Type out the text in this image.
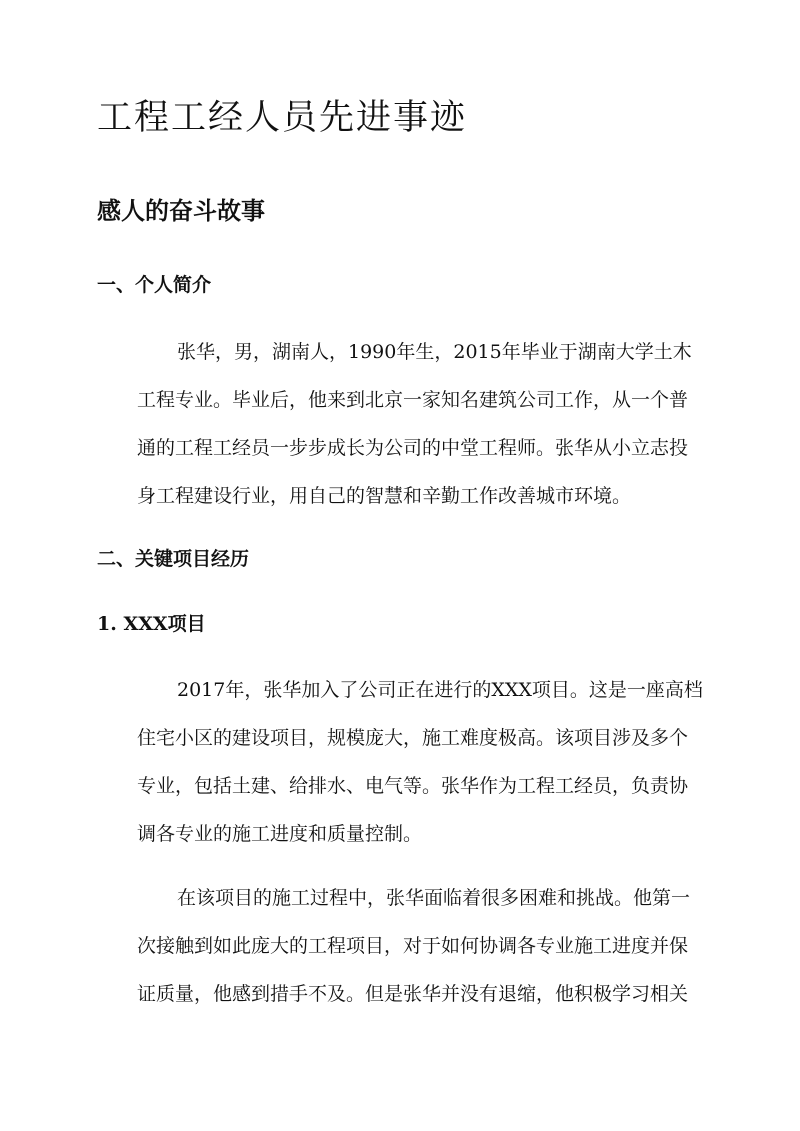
工程工经人员先进事迹
感人的奋斗故事
一、个人简介
张华，男，湖南人，1990年生，2015年毕业于湖南大学土木
工程专业。毕业后，他来到北京一家知名建筑公司工作，从一个普
通的工程工经员一步步成长为公司的中堂工程师。张华从小立志投
身工程建设行业，用自己的智慧和辛勤工作改善城市环境。
二、关键项目经历
1. XXX项目
2017年，张华加入了公司正在进行的XXX项目。这是一座高档
住宅小区的建设项目，规模庞大，施工难度极高。该项目涉及多个
专业，包括土建、给排水、电气等。张华作为工程工经员，负责协
调各专业的施工进度和质量控制。
在该项目的施工过程中，张华面临着很多困难和挑战。他第一
次接触到如此庞大的工程项目，对于如何协调各专业施工进度并保
证质量，他感到措手不及。但是张华并没有退缩，他积极学习相关
